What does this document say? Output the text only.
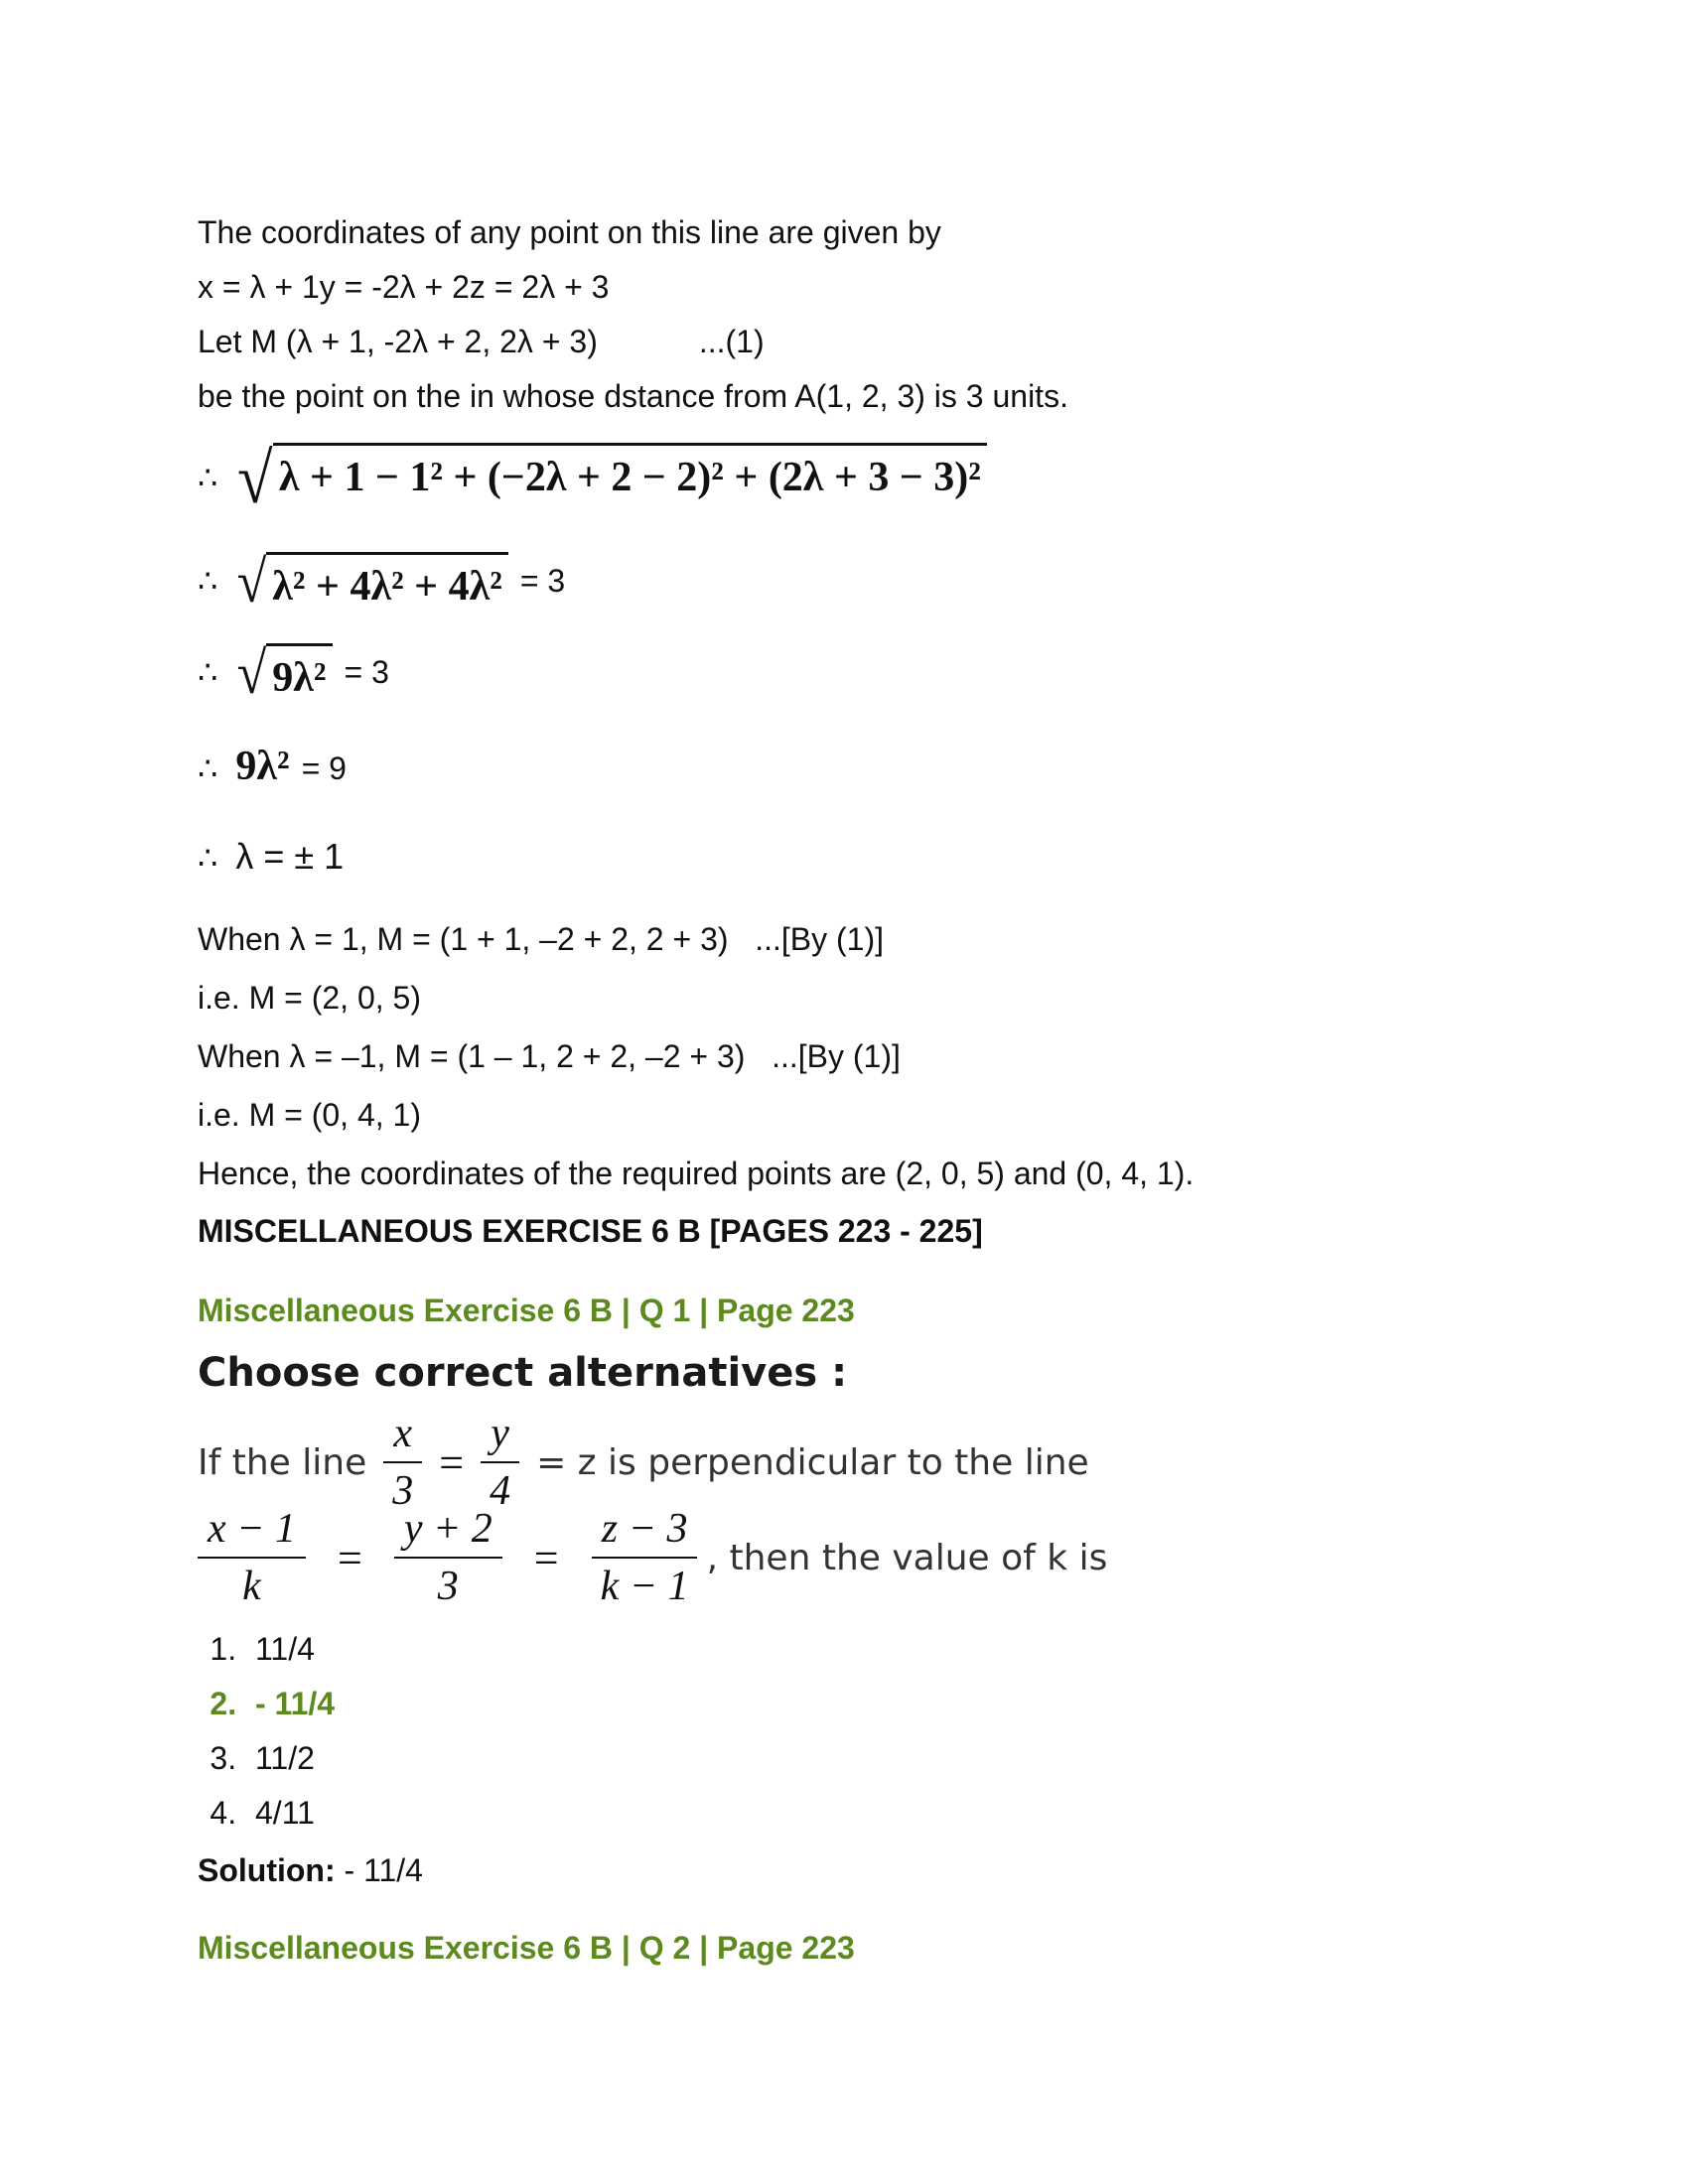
The coordinates of any point on this line are given by
x = λ + 1y = -2λ + 2z = 2λ + 3
Let M (λ + 1, -2λ + 2, 2λ + 3)	...(1)
be the point on the in whose dstance from A(1, 2, 3) is 3 units.
∴ √ λ + 1 − 1² + (−2λ + 2 − 2)² + (2λ + 3 − 3)²
∴ √ λ² + 4λ² + 4λ² = 3
∴ √ 9λ² = 3
∴ 9λ² = 9
∴ λ = ± 1
When λ = 1, M = (1 + 1, –2 + 2, 2 + 3)   ...[By (1)]
i.e. M = (2, 0, 5)
When λ = –1, M = (1 – 1, 2 + 2, –2 + 3)   ...[By (1)]
i.e. M = (0, 4, 1)
Hence, the coordinates of the required points are (2, 0, 5) and (0, 4, 1).
MISCELLANEOUS EXERCISE 6 B [PAGES 223 - 225]
Miscellaneous Exercise 6 B | Q 1 | Page 223
Choose correct alternatives :
If the line $\frac{x}{3} = \frac{y}{4} = z$ is perpendicular to the line
$\frac{x - 1}{k} = \frac{y + 2}{3} = \frac{z - 3}{k - 1}$ , then the value of k is
1. 11/4
2. - 11/4
3. 11/2
4. 4/11
Solution: - 11/4
Miscellaneous Exercise 6 B | Q 2 | Page 223
